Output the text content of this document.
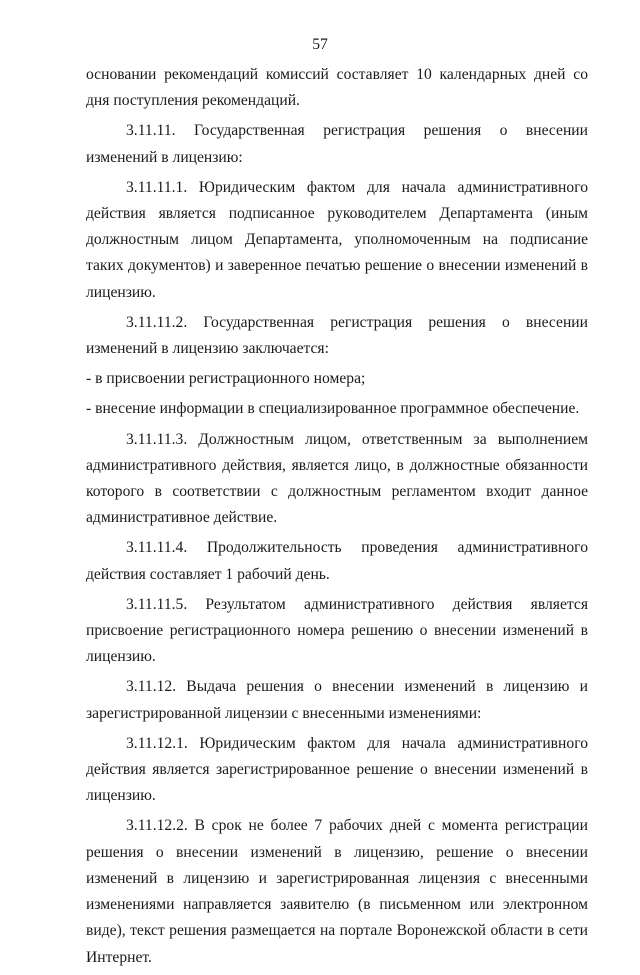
57

основании рекомендаций комиссий составляет 10 календарных дней со дня поступления рекомендаций.

3.11.11. Государственная регистрация решения о внесении изменений в лицензию:

3.11.11.1. Юридическим фактом для начала административного действия является подписанное руководителем Департамента (иным должностным лицом Департамента, уполномоченным на подписание таких документов) и заверенное печатью решение о внесении изменений в лицензию.

3.11.11.2. Государственная регистрация решения о внесении изменений в лицензию заключается:

- в присвоении регистрационного номера;

- внесение информации в специализированное программное обеспечение.

3.11.11.3. Должностным лицом, ответственным за выполнением административного действия, является лицо, в должностные обязанности которого в соответствии с должностным регламентом входит данное административное действие.

3.11.11.4. Продолжительность проведения административного действия составляет 1 рабочий день.

3.11.11.5. Результатом административного действия является присвоение регистрационного номера решению о внесении изменений в лицензию.

3.11.12. Выдача решения о внесении изменений в лицензию и зарегистрированной лицензии с внесенными изменениями:

3.11.12.1. Юридическим фактом для начала административного действия является зарегистрированное решение о внесении изменений в лицензию.

3.11.12.2. В срок не более 7 рабочих дней с момента регистрации решения о внесении изменений в лицензию, решение о внесении изменений в лицензию и зарегистрированная лицензия с внесенными изменениями направляется заявителю (в письменном или электронном виде), текст решения размещается на портале Воронежской области в сети Интернет.
